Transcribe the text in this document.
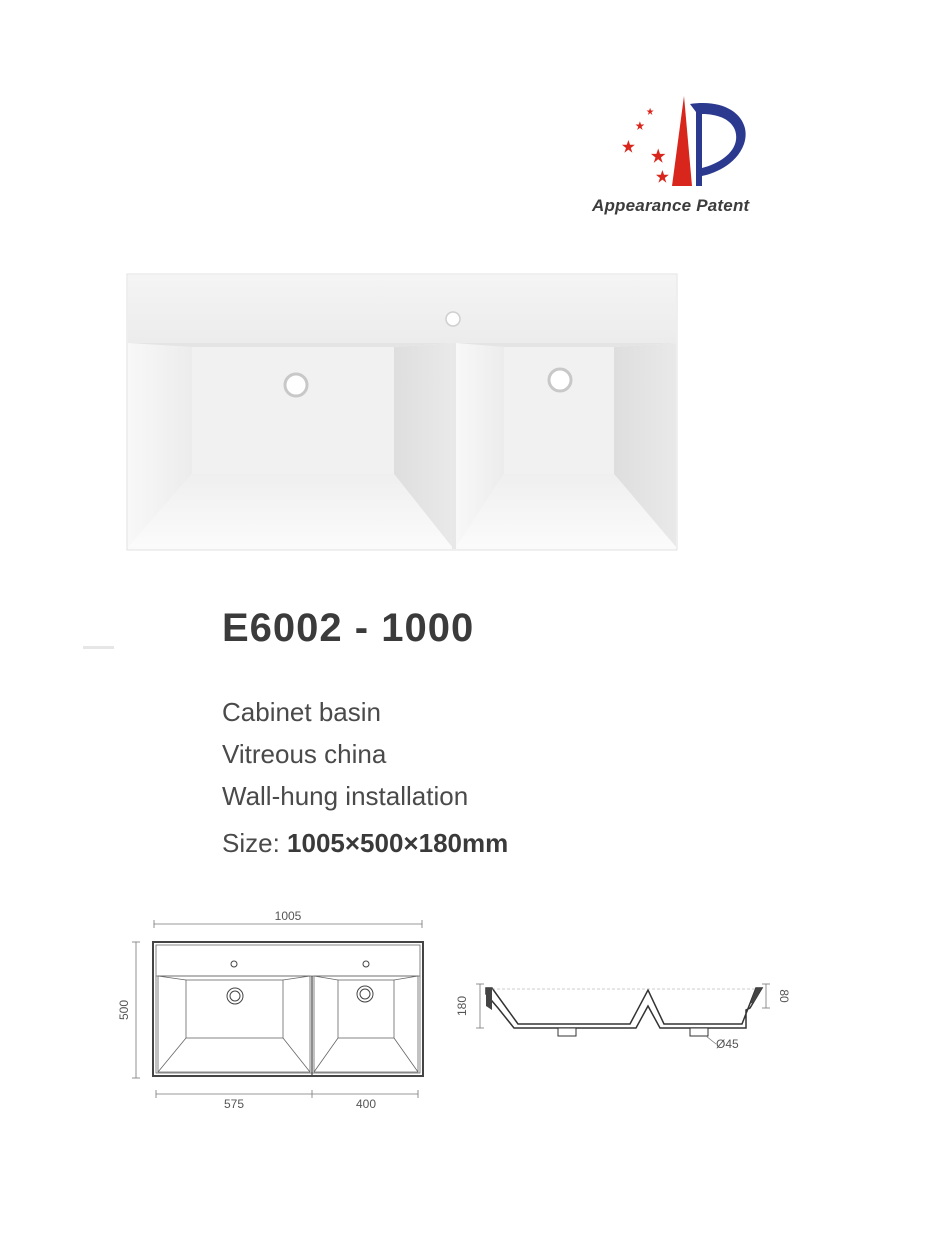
Appearance Patent
E6002 - 1000
Cabinet basin
Vitreous china
Wall-hung installation
Size: 1005×500×180mm
1005
500
575	400
180	80
Ø45
